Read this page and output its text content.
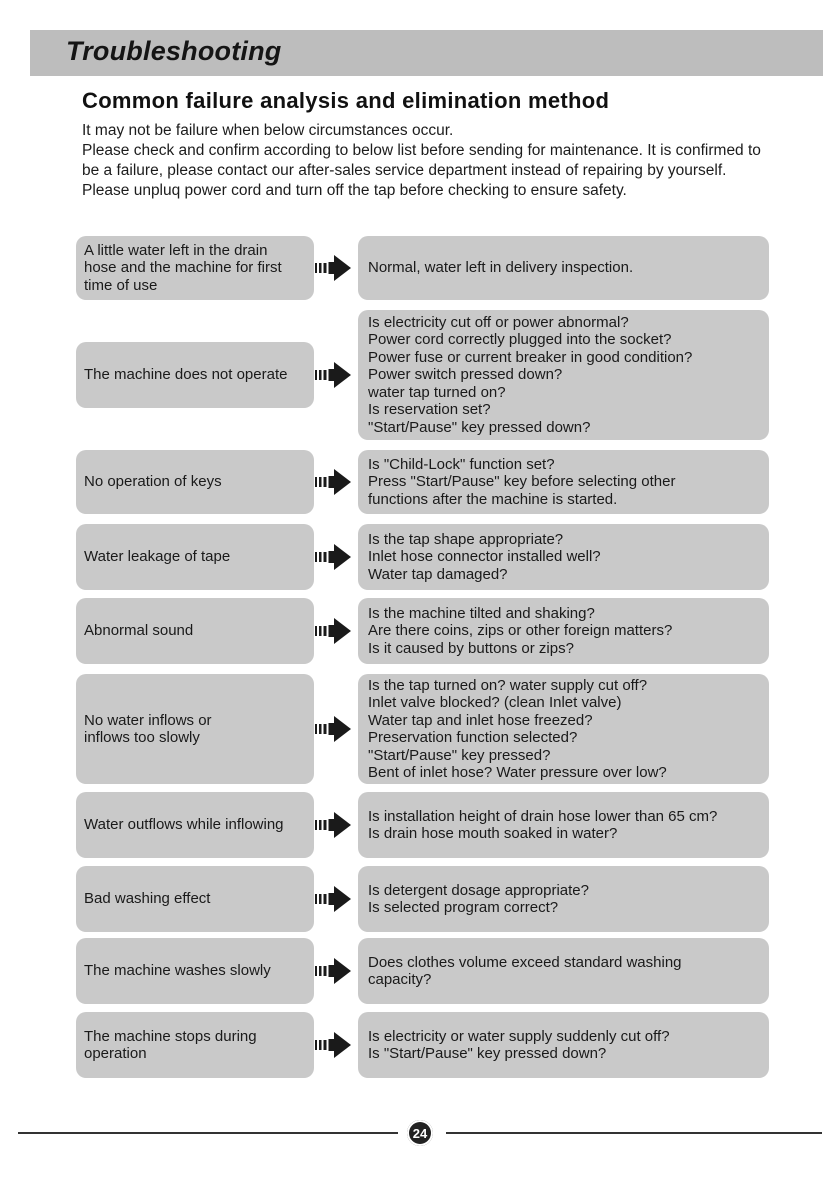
Troubleshooting
Common failure analysis and elimination method

It may not be failure when below circumstances occur.

Please check and confirm according to below list before sending for maintenance. It is confirmed to be a failure, please contact our after-sales service department instead of repairing by yourself. Please unpluq power cord and turn off the tap before checking to ensure safety.

A little water left in the drain
hose and the machine for first
time of use
Normal, water left in delivery inspection.
The machine does not operate
Is electricity cut off or power abnormal?
Power cord correctly plugged into the socket?
Power fuse or current breaker in good condition?
Power switch pressed down?
water tap turned on?
Is reservation set?
"Start/Pause" key pressed down?
No operation of keys
Is "Child-Lock" function set?
Press "Start/Pause" key before selecting other
functions after the machine is started.
Water leakage of tape
Is the tap shape appropriate?
Inlet hose connector installed well?
Water tap damaged?
Abnormal sound
Is the machine tilted and shaking?
Are there coins, zips or other foreign matters?
Is it caused by buttons or zips?
No water inflows or
inflows too slowly
Is the tap turned on? water supply cut off?
Inlet valve blocked? (clean Inlet valve)
Water tap and inlet hose freezed?
Preservation function selected?
"Start/Pause" key pressed?
Bent of inlet hose? Water pressure over low?
Water outflows while inflowing
Is installation height of drain hose lower than 65 cm?
Is drain hose mouth soaked in water?
Bad washing effect
Is detergent dosage appropriate?
Is selected program correct?
The machine washes slowly
Does clothes volume exceed standard washing
capacity?
The machine stops during
operation
Is electricity or water supply suddenly cut off?
Is "Start/Pause" key pressed down?
24
